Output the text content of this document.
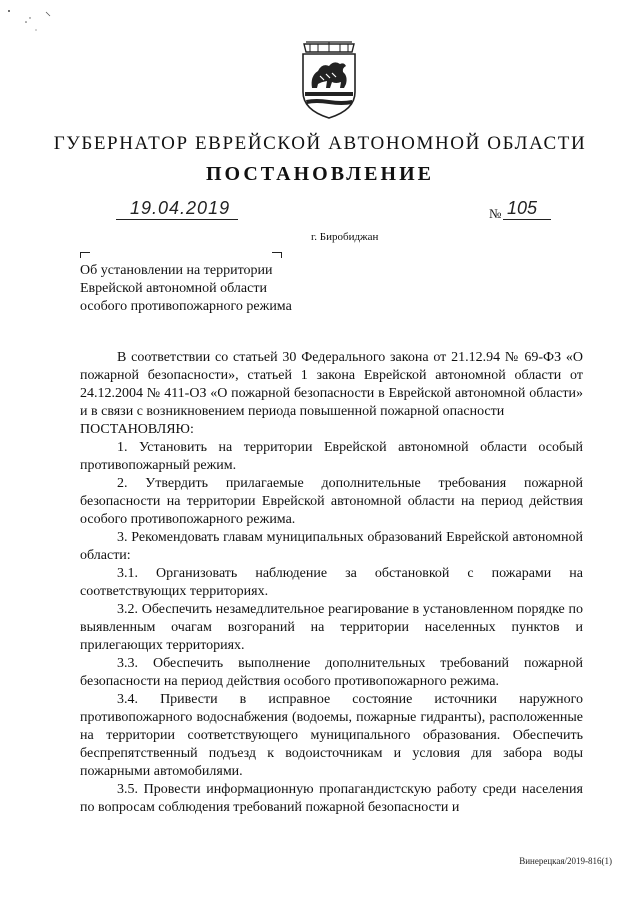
ГУБЕРНАТОР ЕВРЕЙСКОЙ АВТОНОМНОЙ ОБЛАСТИ
ПОСТАНОВЛЕНИЕ
19.04.2019	№ 105
г. Биробиджан
Об установлении на территории
Еврейской автономной области
особого противопожарного режима

В соответствии со статьей 30 Федерального закона от 21.12.94 № 69-ФЗ «О пожарной безопасности», статьей 1 закона Еврейской автономной области от 24.12.2004 № 411-ОЗ «О пожарной безопасности в Еврейской автономной области» и в связи с возникновением периода повышенной пожарной опасности

ПОСТАНОВЛЯЮ:

1. Установить на территории Еврейской автономной области особый противопожарный режим.

2. Утвердить прилагаемые дополнительные требования пожарной безопасности на территории Еврейской автономной области на период действия особого противопожарного режима.

3. Рекомендовать главам муниципальных образований Еврейской автономной области:

3.1. Организовать наблюдение за обстановкой с пожарами на соответствующих территориях.

3.2. Обеспечить незамедлительное реагирование в установленном порядке по выявленным очагам возгораний на территории населенных пунктов и прилегающих территориях.

3.3. Обеспечить выполнение дополнительных требований пожарной безопасности на период действия особого противопожарного режима.

3.4. Привести в исправное состояние источники наружного противопожарного водоснабжения (водоемы, пожарные гидранты), расположенные на территории соответствующего муниципального образования. Обеспечить беспрепятственный подъезд к водоисточникам и условия для забора воды пожарными автомобилями.

3.5. Провести информационную пропагандистскую работу среди населения по вопросам соблюдения требований пожарной безопасности и

Винерецкая/2019-816(1)
